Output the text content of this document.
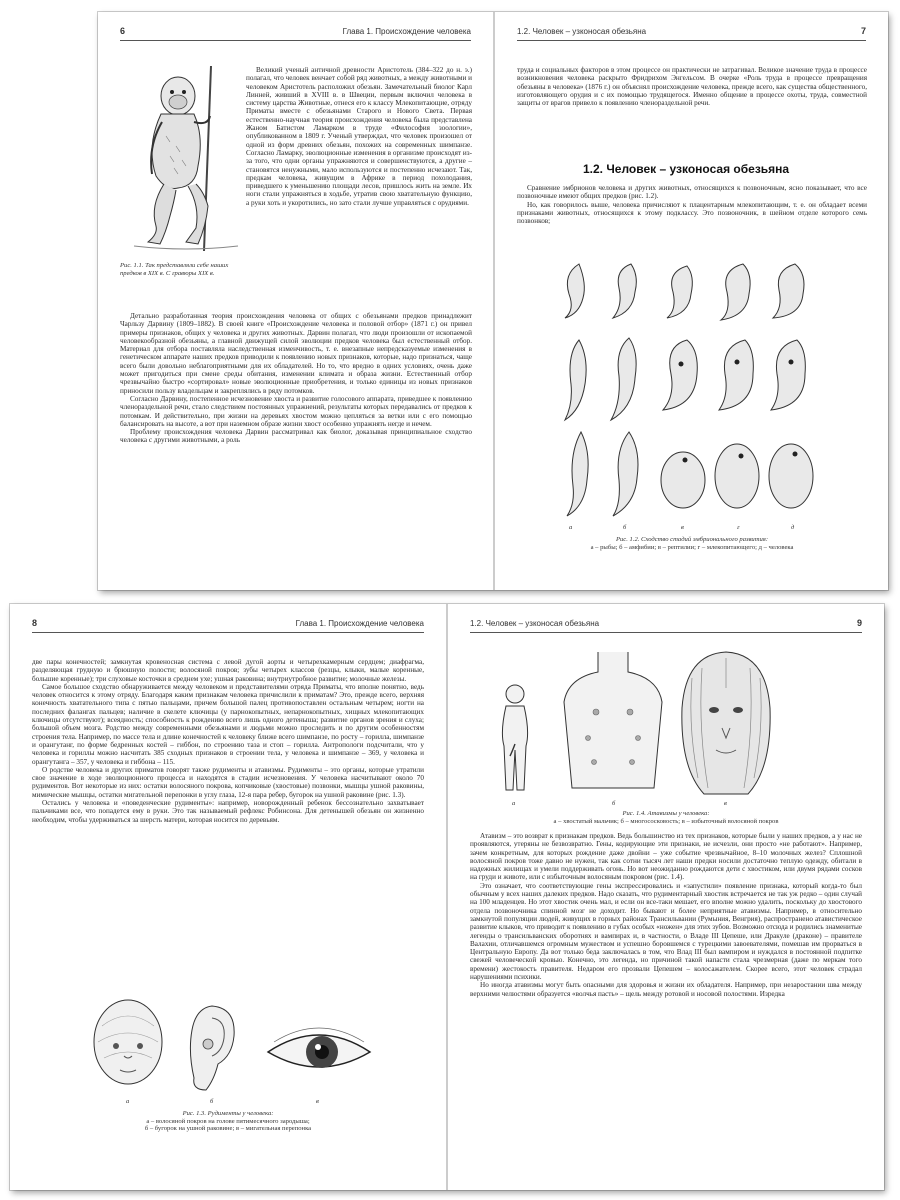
6	Глава 1. Происхождение человека
Рис. 1.1. Так представляли себе наших предков в XIX в. С гравюры XIX в.

Великий ученый античной древности Аристотель (384–322 до н. э.) полагал, что человек венчает собой ряд животных, а между животными и человеком Аристотель расположил обезьян. Замечательный биолог Карл Линней, живший в XVIII в. в Швеции, первым включил человека в систему царства Животные, отнеся его к классу Млекопитающие, отряду Приматы вместе с обезьянами Старого и Нового Света. Первая естественно-научная теория происхождения человека была представлена Жаном Батистом Ламарком в труде «Философия зоологии», опубликованном в 1809 г. Ученый утверждал, что человек произошел от одной из форм древних обезьян, похожих на современных шимпанзе. Согласно Ламарку, эволюционные изменения в организме происходят из-за того, что одни органы упражняются и совершенствуются, а другие – становятся ненужными, мало используются и постепенно исчезают. Так, предкам человека, живущим в Африке в период похолодания, приведшего к уменьшению площади лесов, пришлось жить на земле. Их ноги стали упражняться в ходьбе, утратив свою хватательную функцию, а руки хоть и укоротились, но зато стали лучше управляться с орудиями.

Детально разработанная теория происхождения человека от общих с обезьянами предков принадлежит Чарльзу Дарвину (1809–1882). В своей книге «Происхождение человека и половой отбор» (1871 г.) он привел примеры признаков, общих у человека и других животных. Дарвин полагал, что люди произошли от ископаемой человекообразной обезьяны, а главной движущей силой эволюции предков человека был естественный отбор. Материал для отбора поставляла наследственная изменчивость, т. е. внезапные непредсказуемые изменения в генетическом аппарате наших предков приводили к появлению новых признаков, которые, надо признаться, чаще всего были довольно неблагоприятными для их обладателей. Но то, что вредно в одних условиях, очень даже может пригодиться при смене среды обитания, изменении климата и образа жизни. Естественный отбор чрезвычайно быстро «сортировал» новые эволюционные приобретения, и только единицы из новых признаков приносили пользу владельцам и закреплялись в ряду потомков.

Согласно Дарвину, постепенное исчезновение хвоста и развитие голосового аппарата, приведшее к появлению членораздельной речи, стало следствием постоянных упражнений, результаты которых передавались от предков к потомкам. И действительно, при жизни на деревьях хвостом можно цепляться за ветки или с его помощью балансировать на высоте, а вот при наземном образе жизни хвост особенно упражнять негде и нечем.

Проблему происхождения человека Дарвин рассматривал как биолог, доказывая принципиальное сходство человека с другими животными, а роль

1.2. Человек – узконосая обезьяна	7

труда и социальных факторов в этом процессе он практически не затрагивал. Великое значение труда в процессе возникновения человека раскрыто Фридрихом Энгельсом. В очерке «Роль труда в процессе превращения обезьяны в человека» (1876 г.) он объяснял происхождение человека, прежде всего, как существа общественного, изготовляющего орудия и с их помощью трудящегося. Именно общение в процессе охоты, труда, совместной защиты от врагов привело к появлению членораздельной речи.

1.2. Человек – узконосая обезьяна

Сравнение эмбрионов человека и других животных, относящихся к позвоночным, ясно показывает, что все позвоночные имеют общих предков (рис. 1.2).

Но, как говорилось выше, человека причисляют к плацентарным млекопитающим, т. е. он обладает всеми признаками животных, относящихся к этому подклассу. Это позвоночник, в шейном отделе которого семь позвонков;

а	б	в	г	д
Рис. 1.2. Сходство стадий эмбрионального развития:
а – рыбы; б – амфибии; в – рептилии; г – млекопитающего; д – человека
8	Глава 1. Происхождение человека

две пары конечностей; замкнутая кровеносная система с левой дугой аорты и четырехкамерным сердцем; диафрагма, разделяющая грудную и брюшную полости; волосяной покров; зубы четырех классов (резцы, клыки, малые коренные, большие коренные); три слуховые косточки в среднем ухе; ушная раковина; внутриутробное развитие; молочные железы.

Самое большое сходство обнаруживается между человеком и представителями отряда Приматы, что вполне понятно, ведь человек относится к этому отряду. Благодаря каким признакам человека причислили к приматам? Это, прежде всего, верхняя конечность хватательного типа с пятью пальцами, причем большой палец противопоставлен остальным четырем; ногти на последних фалангах пальцев; наличие в скелете ключицы (у парнокопытных, непарнокопытных, хищных млекопитающих ключицы отсутствуют); всеядность; способность к рождению всего лишь одного детеныша; развитие органов зрения и слуха; большой объем мозга. Родство между современными обезьянами и людьми можно проследить и по другим особенностям строения тела. Например, по массе тела и длине конечностей к человеку ближе всего шимпанзе, по росту – горилла, шимпанзе и орангутанг, по форме бедренных костей – гиббон, по строению таза и стоп – горилла. Антропологи подсчитали, что у человека и гориллы можно насчитать 385 сходных признаков в строении тела, у человека и шимпанзе – 369, у человека и орангутанга – 357, у человека и гиббона – 115.

О родстве человека и других приматов говорят также рудименты и атавизмы. Рудименты – это органы, которые утратили свое значение в ходе эволюционного процесса и находятся в стадии исчезновения. У человека насчитывают около 70 рудиментов. Вот некоторые из них: остатки волосяного покрова, копчиковые (хвостовые) позвонки, мышцы ушной раковины, мимические мышцы, остатки мигательной перепонки в углу глаза, 12-я пара ребер, бугорок на ушной раковине (рис. 1.3).

Остались у человека и «поведенческие рудименты»: например, новорожденный ребенок бессознательно захватывает пальчиками все, что попадется ему в руки. Это так называемый рефлекс Робинсона. Для детенышей обезьян он жизненно необходим, чтобы удерживаться за шерсть матери, которая носится по деревьям.

а	б	в
Рис. 1.3. Рудименты у человека:
а – волосяной покров на голове пятимесячного зародыша;
б – бугорок на ушной раковине; в – мигательная перепонка
1.2. Человек – узконосая обезьяна	9
а	б	в
Рис. 1.4. Атавизмы у человека:
а – хвостатый мальчик; б – многососковость; в – избыточный волосяной покров

Атавизм – это возврат к признакам предков. Ведь большинство из тех признаков, которые были у наших предков, а у нас не проявляются, утеряны не безвозвратно. Гены, кодирующие эти признаки, не исчезли, они просто «не работают». Например, зачем конкретным, для которых рождение даже двойни – уже событие чрезвычайное, 8–10 молочных желез? Сплошной волосяной покров тоже давно не нужен, так как сотни тысяч лет наши предки носили достаточно теплую одежду, обитали в надежных жилищах и умели поддерживать огонь. Но вот неожиданно рождаются дети с хвостиком, или двумя рядами сосков на груди и животе, или с избыточным волосяным покровом (рис. 1.4).

Это означает, что соответствующие гены экспрессировались и «запустили» появление признака, который когда-то был обычным у всех наших далеких предков. Надо сказать, что рудиментарный хвостик встречается не так уж редко – один случай на 100 младенцев. Но этот хвостик очень мал, и если он все-таки мешает, его вполне можно удалить, поскольку до хвостового отдела позвоночника спинной мозг не доходит. Но бывают и более неприятные атавизмы. Например, в относительно замкнутой популяции людей, живущих в горных районах Трансильвании (Румыния, Венгрия), распространено атавистическое развитие клыков, что приводит к появлению в губах особых «ножен» для этих зубов. Возможно отсюда и родились знаменитые легенды о трансильванских оборотнях и вампирах и, в частности, о Владе III Цепеше, или Дракуле (драконе) – правителе Валахии, отличавшемся огромным мужеством и успешно боровшемся с турецкими завоевателями, помешав им прорваться в Центральную Европу. Да вот только беда заключалась в том, что Влад III был вампиром и нуждался в постоянной подпитке свежей человеческой кровью. Конечно, это легенда, но причиной такой напасти стала чрезмерная (даже по меркам того времени) жестокость правителя. Недаром его прозвали Цепешем – колосажателем. Скорее всего, этот человек страдал нарушениями психики.

Но иногда атавизмы могут быть опасными для здоровья и жизни их обладателя. Например, при незаростании шва между верхними челюстями образуется «волчья пасть» – щель между ротовой и носовой полостями. Изредка
